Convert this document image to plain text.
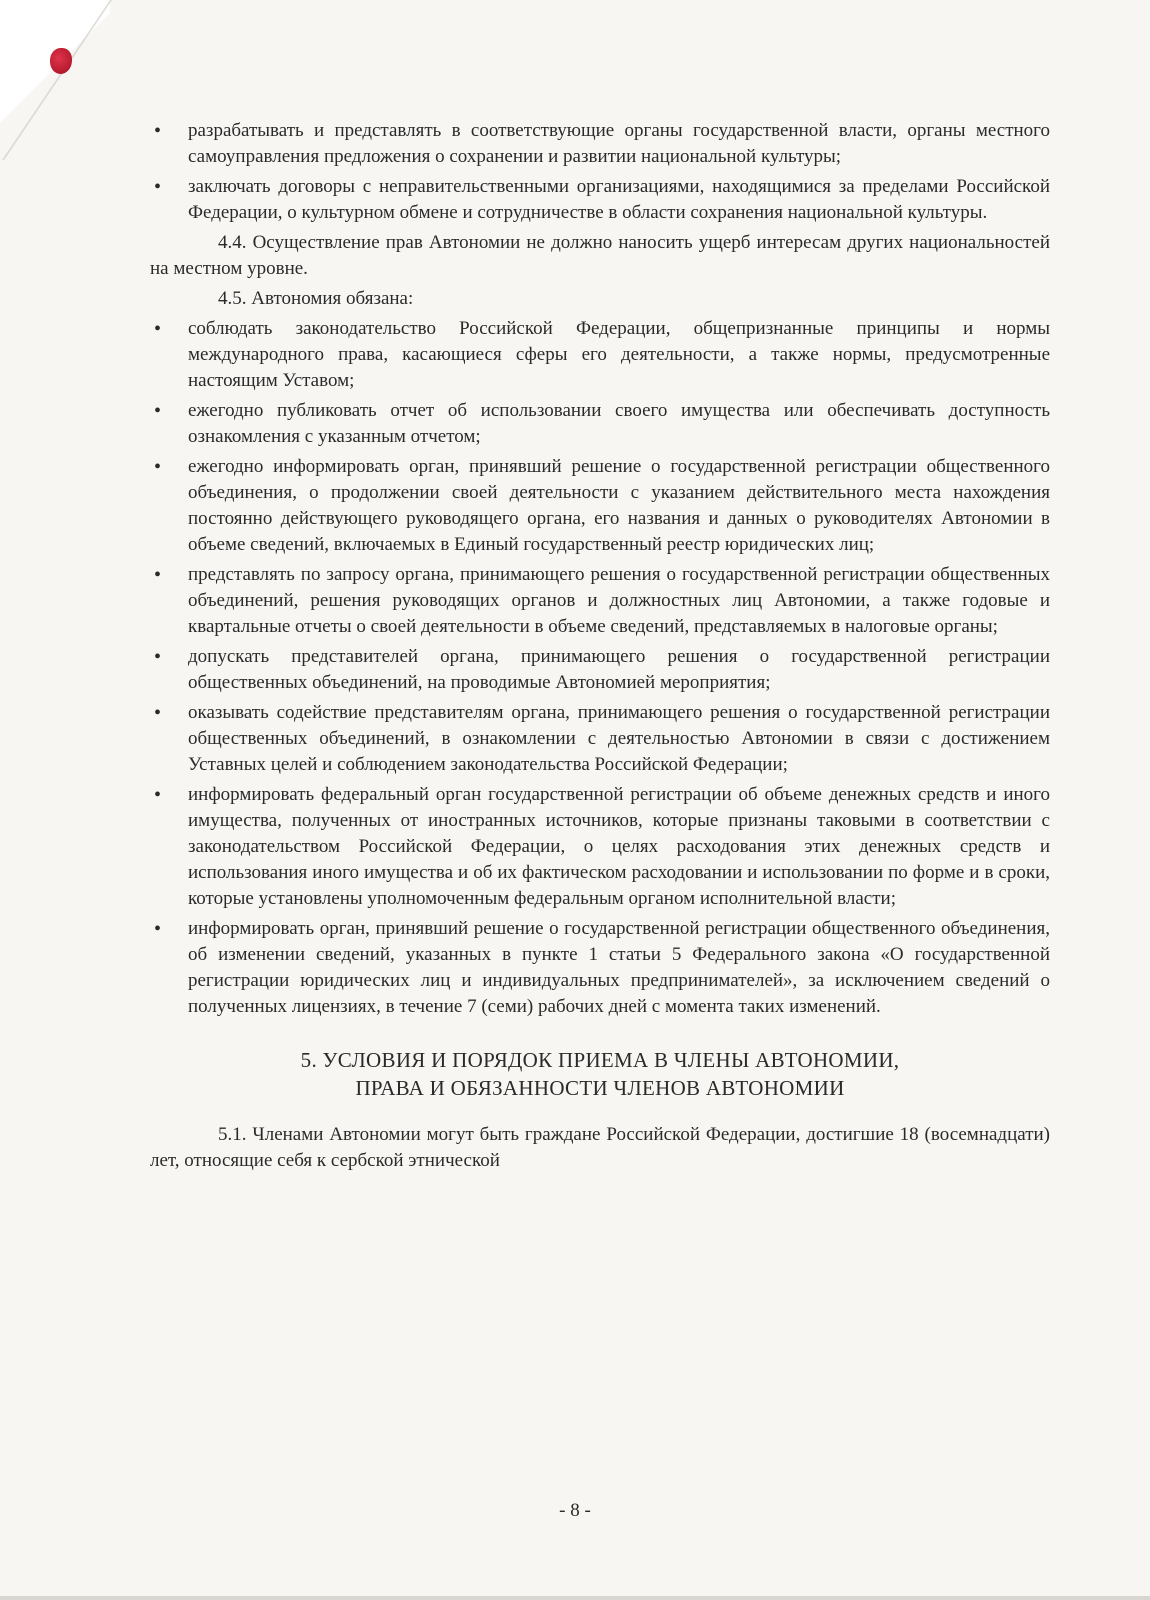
• разрабатывать и представлять в соответствующие органы государственной власти, органы местного самоуправления предложения о сохранении и развитии национальной культуры;
• заключать договоры с неправительственными организациями, находящимися за пределами Российской Федерации, о культурном обмене и сотрудничестве в области сохранения национальной культуры.

4.4. Осуществление прав Автономии не должно наносить ущерб интересам других национальностей на местном уровне.

4.5. Автономия обязана:

• соблюдать законодательство Российской Федерации, общепризнанные принципы и нормы международного права, касающиеся сферы его деятельности, а также нормы, предусмотренные настоящим Уставом;
• ежегодно публиковать отчет об использовании своего имущества или обеспечивать доступность ознакомления с указанным отчетом;
• ежегодно информировать орган, принявший решение о государственной регистрации общественного объединения, о продолжении своей деятельности с указанием действительного места нахождения постоянно действующего руководящего органа, его названия и данных о руководителях Автономии в объеме сведений, включаемых в Единый государственный реестр юридических лиц;
• представлять по запросу органа, принимающего решения о государственной регистрации общественных объединений, решения руководящих органов и должностных лиц Автономии, а также годовые и квартальные отчеты о своей деятельности в объеме сведений, представляемых в налоговые органы;
• допускать представителей органа, принимающего решения о государственной регистрации общественных объединений, на проводимые Автономией мероприятия;
• оказывать содействие представителям органа, принимающего решения о государственной регистрации общественных объединений, в ознакомлении с деятельностью Автономии в связи с достижением Уставных целей и соблюдением законодательства Российской Федерации;
• информировать федеральный орган государственной регистрации об объеме денежных средств и иного имущества, полученных от иностранных источников, которые признаны таковыми в соответствии с законодательством Российской Федерации, о целях расходования этих денежных средств и использования иного имущества и об их фактическом расходовании и использовании по форме и в сроки, которые установлены уполномоченным федеральным органом исполнительной власти;
• информировать орган, принявший решение о государственной регистрации общественного объединения, об изменении сведений, указанных в пункте 1 статьи 5 Федерального закона «О государственной регистрации юридических лиц и индивидуальных предпринимателей», за исключением сведений о полученных лицензиях, в течение 7 (семи) рабочих дней с момента таких изменений.
5. УСЛОВИЯ И ПОРЯДОК ПРИЕМА В ЧЛЕНЫ АВТОНОМИИ,
ПРАВА И ОБЯЗАННОСТИ ЧЛЕНОВ АВТОНОМИИ

5.1. Членами Автономии могут быть граждане Российской Федерации, достигшие 18 (восемнадцати) лет, относящие себя к сербской этнической

- 8 -
